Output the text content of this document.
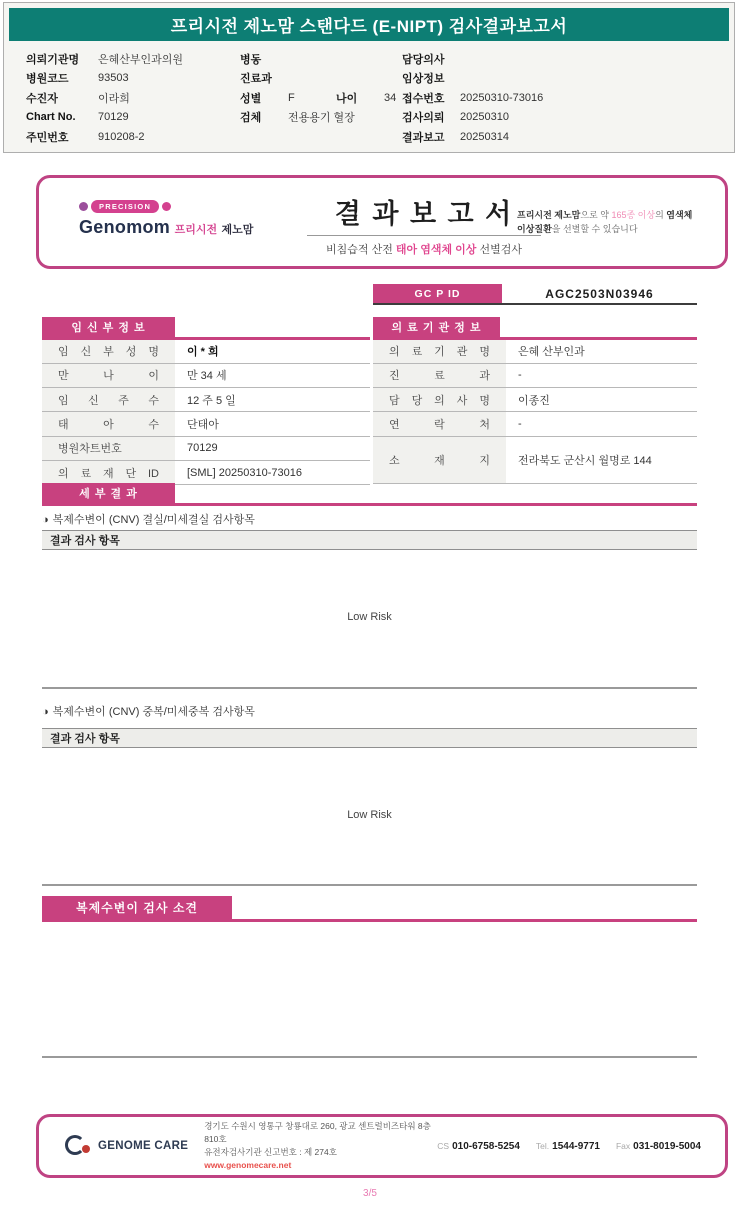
프리시전 제노맘 스탠다드 (E-NIPT) 검사결과보고서
의뢰기관명	은혜산부인과의원
병원코드	93503
수진자	이라희
Chart No.	70129
주민번호	910208-2
병동
진료과
성별	F	나이	34
검체	전용용기 혈장
담당의사
임상정보
접수번호	20250310-73016
검사의뢰	20250310
결과보고	20250314
PRECISION
Genomom 프리시전 제노맘
결 과 보 고 서
비침습적 산전 태아 염색체 이상 선별검사
프리시전 제노맘으로 약 165종 이상의 염색체 이상질환을 선별할 수 있습니다
GC P ID	AGC2503N03946
임 신 부 정 보
임 신 부 성 명	이 * 희
만 나 이	만 34 세
임 신 주 수	12 주 5 일
태 아 수	단태아
병원차트번호	70129
의 료 재 단 ID	[SML] 20250310-73016
의 료 기 관 정 보
의 료 기 관 명	은혜 산부인과
진 료 과	-
담 당 의 사 명	이종진
연 락 처	-
소 재 지	전라북도 군산시 월명로 144
세 부 결 과
◑ 복제수변이 (CNV) 결실/미세결실 검사항목
결과 검사 항목
Low Risk
◑ 복제수변이 (CNV) 중복/미세중복 검사항목
결과 검사 항목
Low Risk
복제수변이 검사 소견
GENOME CARE
경기도 수원시 영통구 창룡대로 260, 광교 센트럴비즈타워 8층 810호
유전자검사기관 신고번호 : 제 274호
www.genomecare.net
CS 010-6758-5254 Tel. 1544-9771 Fax 031-8019-5004
3/5
